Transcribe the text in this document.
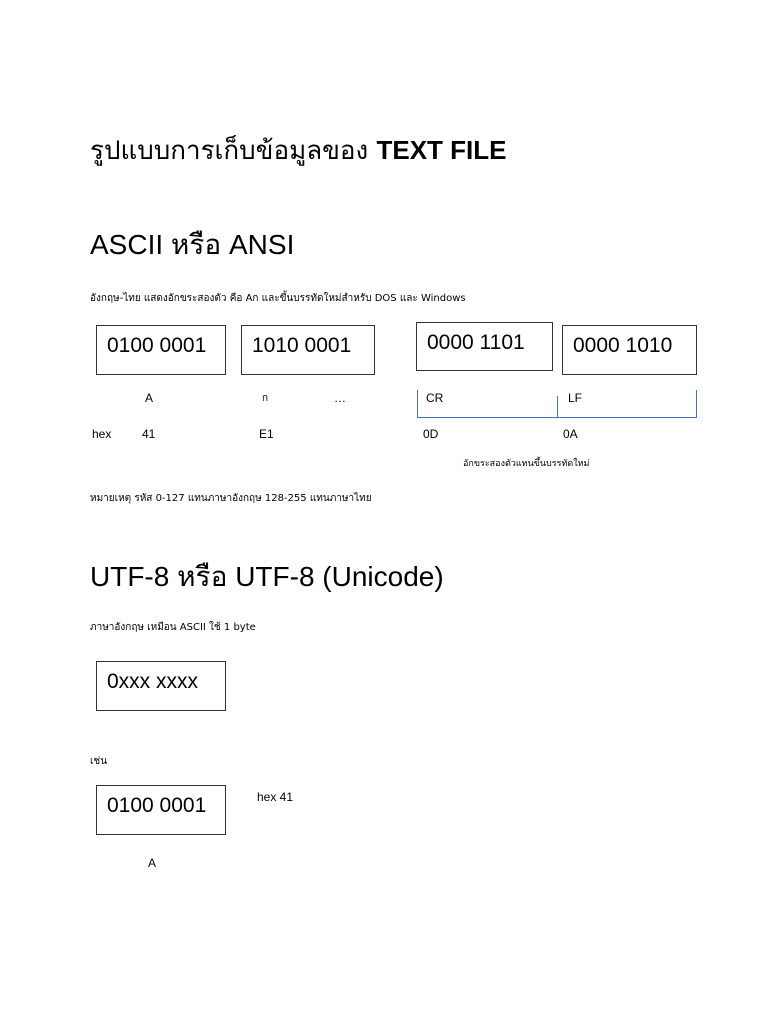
รูปแบบการเก็บข้อมูลของ TEXT FILE
ASCII หรือ ANSI
อังกฤษ-ไทย แสดงอักขระสองตัว คือ Aก และขึ้นบรรทัดใหม่สำหรับ DOS และ Windows
0100 0001	1010 0001	0000 1101	0000 1010
A	ก	…	CR	LF
hex	41	E1	0D	0A
อักขระสองตัวแทนขึ้นบรรทัดใหม่
หมายเหตุ รหัส 0-127 แทนภาษาอังกฤษ 128-255 แทนภาษาไทย
UTF-8 หรือ UTF-8 (Unicode)
ภาษาอังกฤษ เหมือน ASCII ใช้ 1 byte
0xxx xxxx
เช่น
0100 0001	hex 41
A
